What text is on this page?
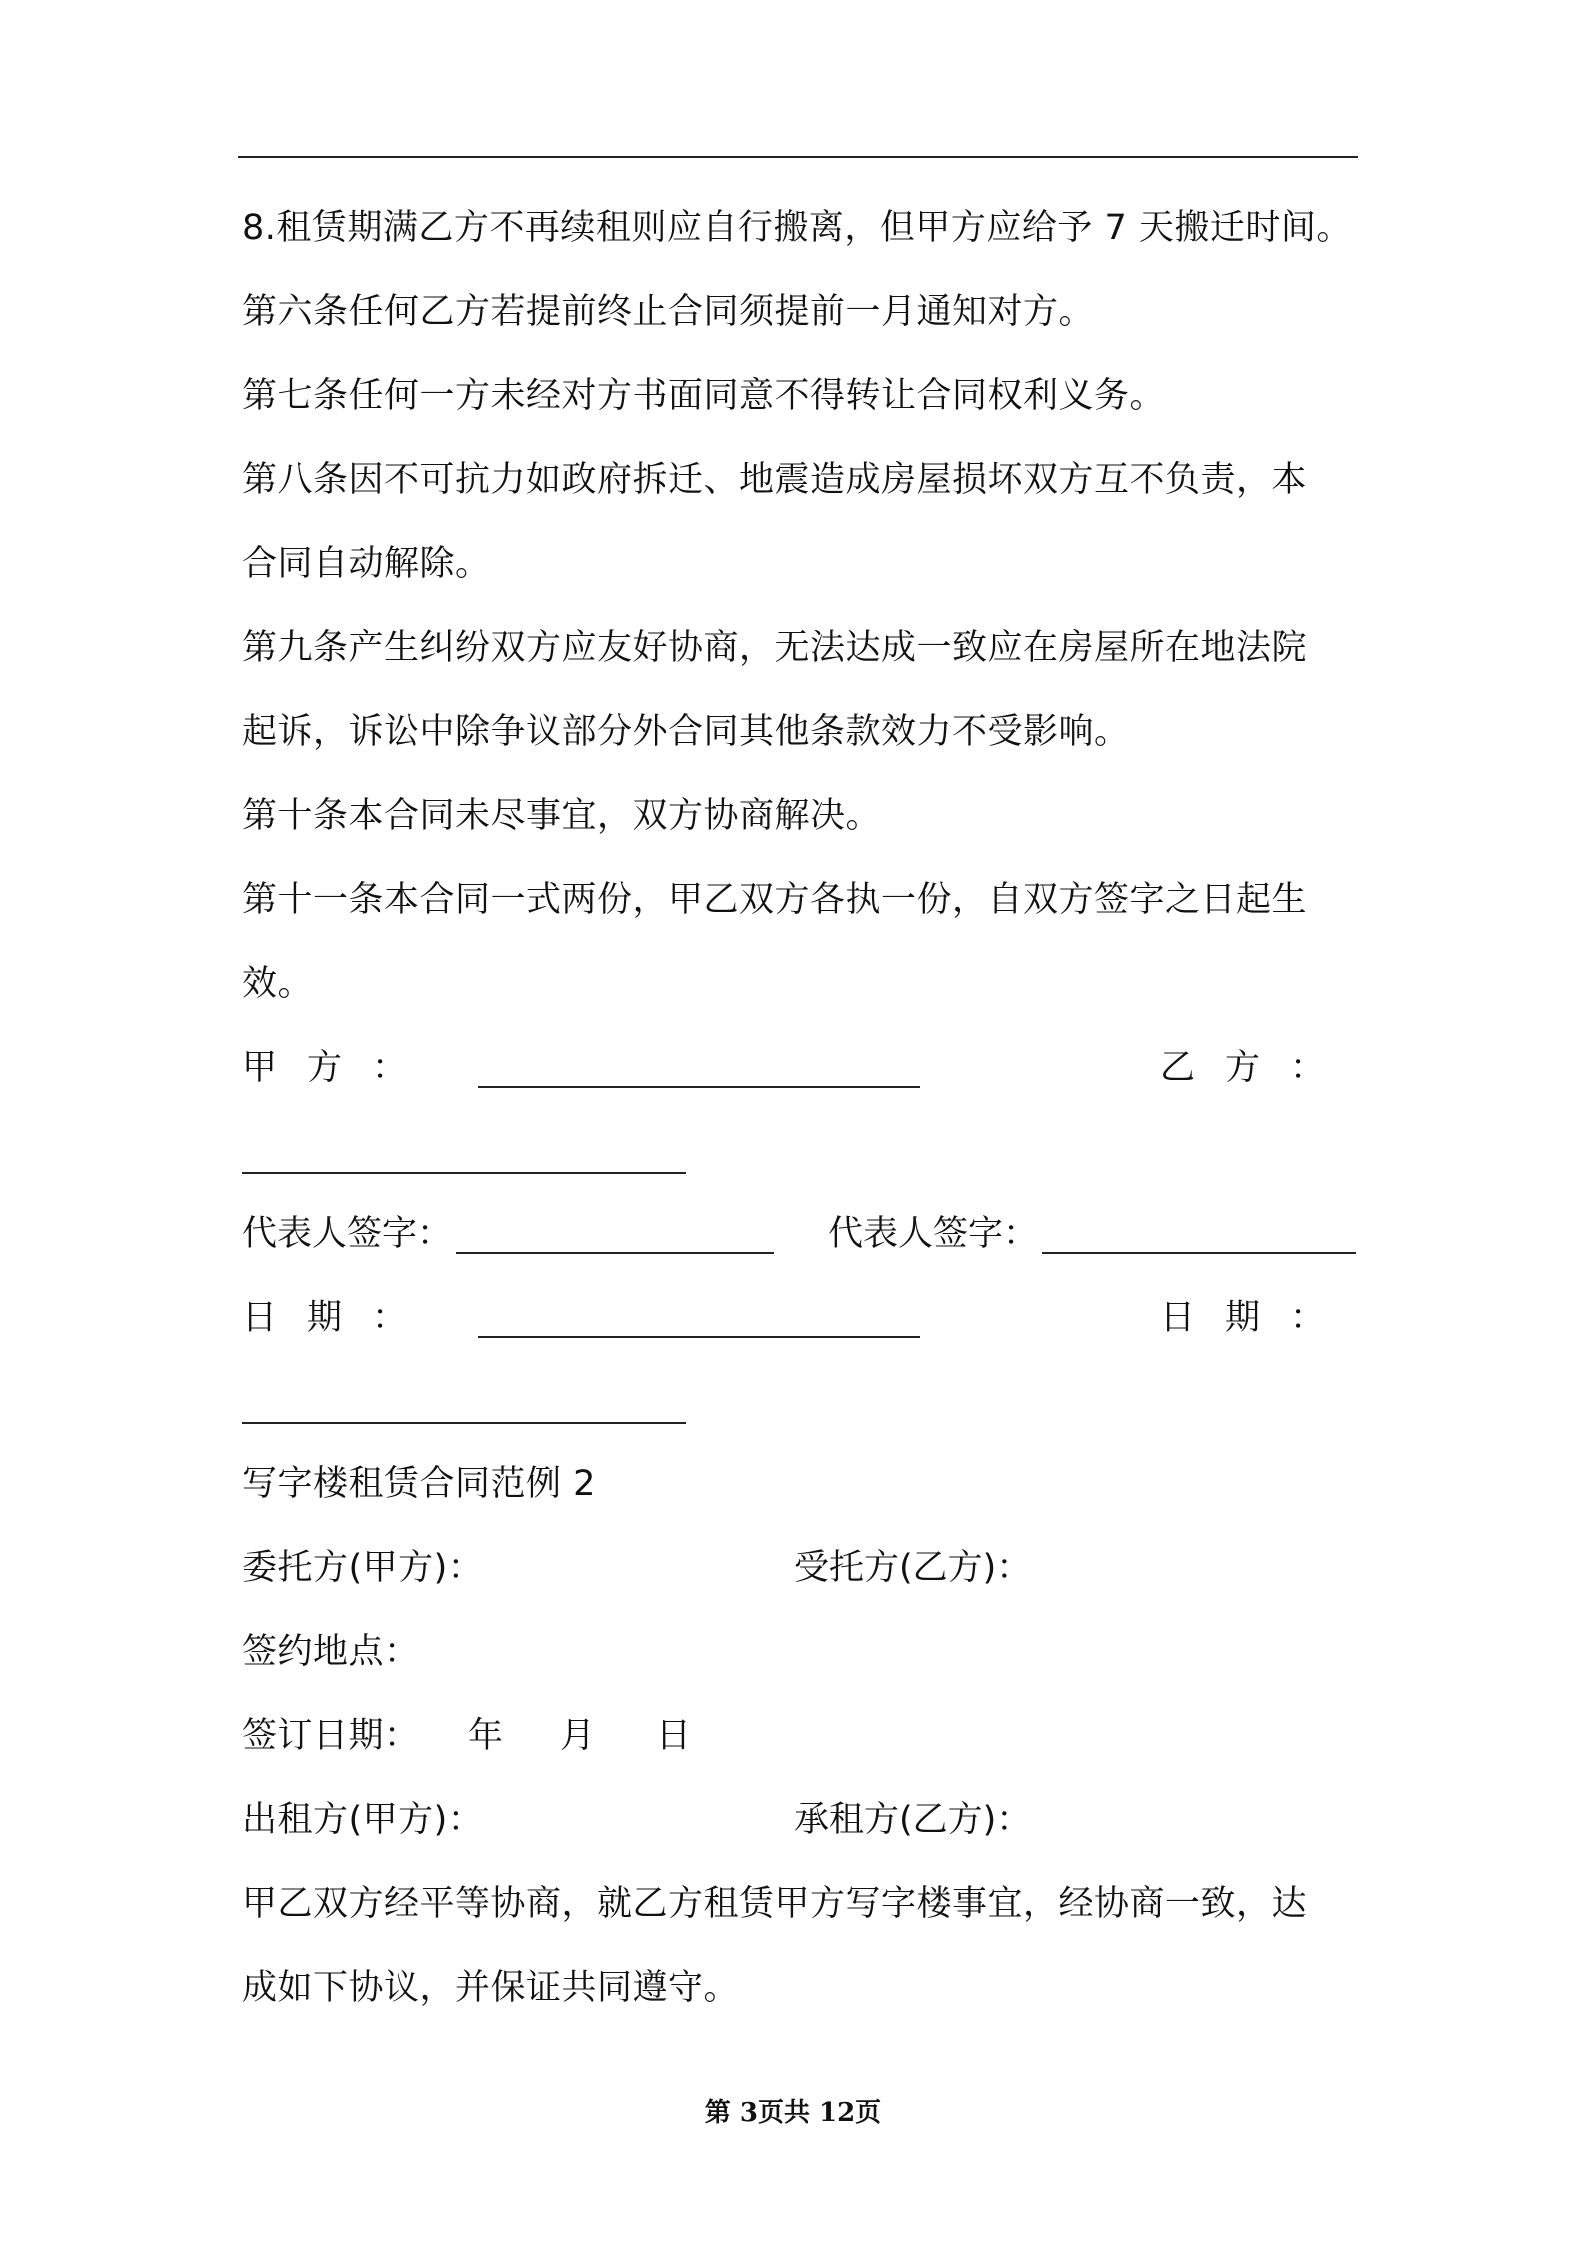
8.租赁期满乙方不再续租则应自行搬离，但甲方应给予 7 天搬迁时间。
第六条任何乙方若提前终止合同须提前一月通知对方。
第七条任何一方未经对方书面同意不得转让合同权利义务。
第八条因不可抗力如政府拆迁、地震造成房屋损坏双方互不负责，本
合同自动解除。
第九条产生纠纷双方应友好协商，无法达成一致应在房屋所在地法院
起诉，诉讼中除争议部分外合同其他条款效力不受影响。
第十条本合同未尽事宜，双方协商解决。
第十一条本合同一式两份，甲乙双方各执一份，自双方签字之日起生
效。
甲方：	乙方：
代表人签字：	代表人签字：
日期：	日期：
写字楼租赁合同范例 2
委托方(甲方)：	受托方(乙方)：
签约地点：
签订日期： 年 月 日
出租方(甲方)：	承租方(乙方)：
甲乙双方经平等协商，就乙方租赁甲方写字楼事宜，经协商一致，达
成如下协议，并保证共同遵守。
第 3页共 12页
